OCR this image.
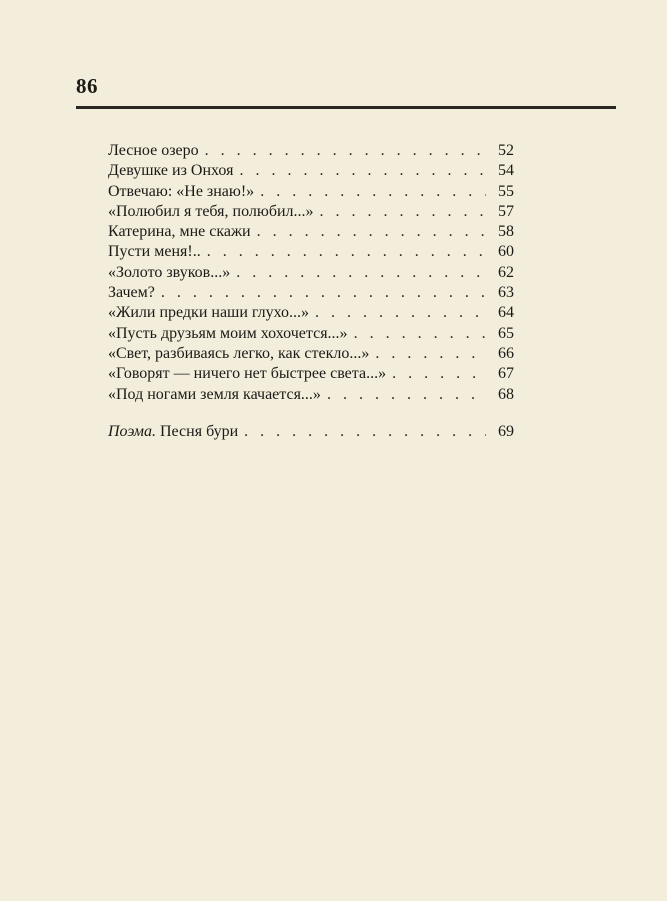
86
Лесное озеро . . .	52
Девушке из Онхоя . . .	54
Отвечаю: «Не знаю!» . . .	55
«Полюбил я тебя, полюбил...» . . .	57
Катерина, мне скажи . . .	58
Пусти меня!.. . . .	60
«Золото звуков...» . . .	62
Зачем? . . .	63
«Жили предки наши глухо...» . . .	64
«Пусть друзьям моим хохочется...» . . .	65
«Свет, разбиваясь легко, как стекло...» . . .	66
«Говорят — ничего нет быстрее света...» . . .	67
«Под ногами земля качается...» . . .	68
Поэма. Песня бури . . .	69
